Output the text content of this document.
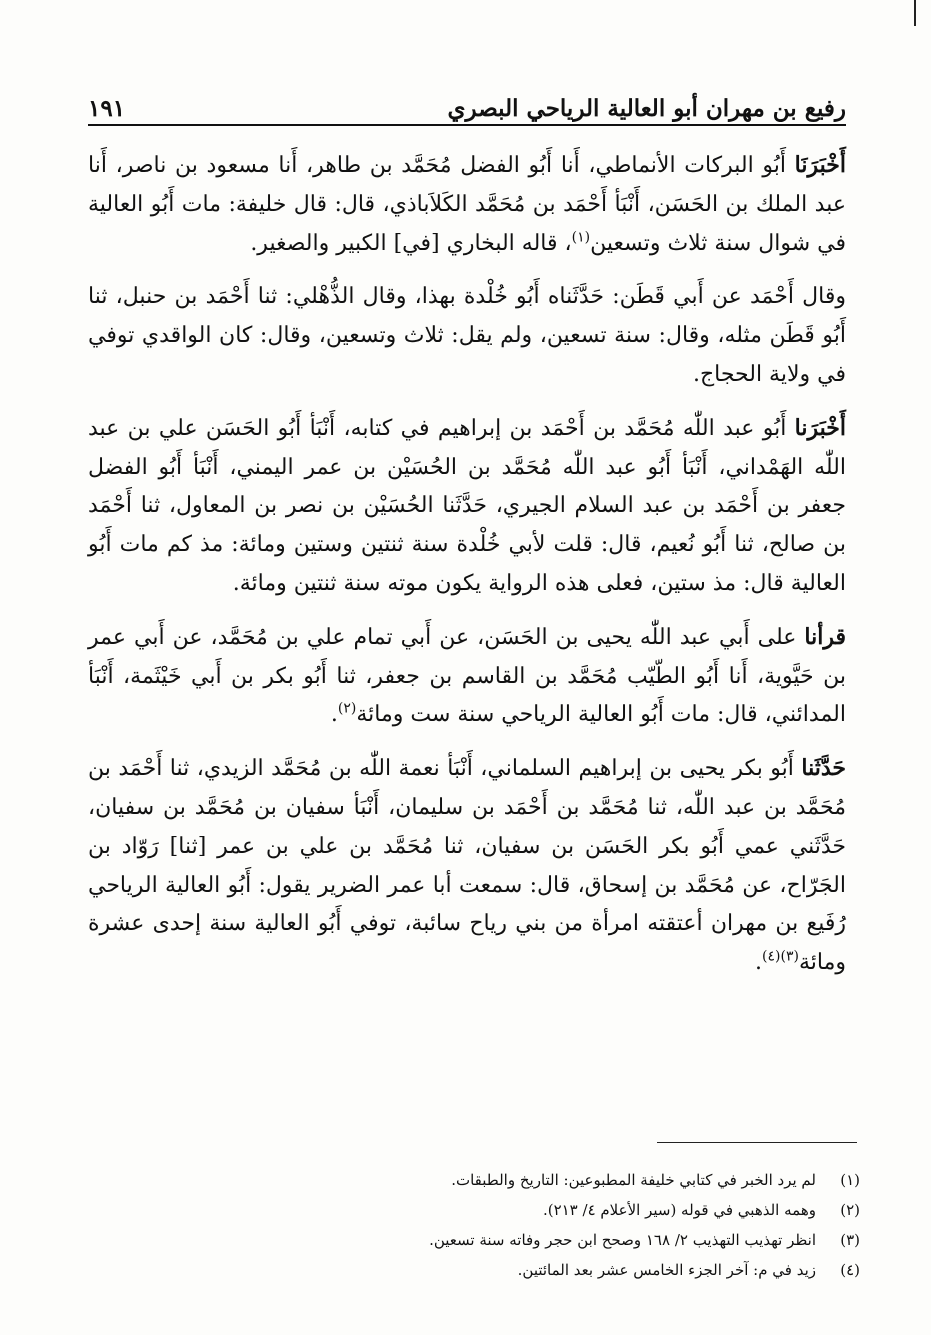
رفيع بن مهران أبو العالية الرياحي البصري
١٩١

أَخْبَرَنَا أَبُو البركات الأنماطي، أَنا أَبُو الفضل مُحَمَّد بن طاهر، أَنا مسعود بن ناصر، أَنا عبد الملك بن الحَسَن، أَنْبَأ أَحْمَد بن مُحَمَّد الكَلاَباذي، قال: قال خليفة: مات أَبُو العالية في شوال سنة ثلاث وتسعين$^{(١)}$، قاله البخاري [في] الكبير والصغير.

وقال أَحْمَد عن أَبي قَطَن: حَدَّثَناه أَبُو خُلْدة بهذا، وقال الذُّهْلي: ثنا أَحْمَد بن حنبل، ثنا أَبُو قَطَن مثله، وقال: سنة تسعين، ولم يقل: ثلاث وتسعين، وقال: كان الواقدي توفي في ولاية الحجاج.

أَخْبَرَنا أَبُو عبد اللّٰه مُحَمَّد بن أَحْمَد بن إبراهيم في كتابه، أَنْبَأ أَبُو الحَسَن علي بن عبد اللّٰه الهَمْداني، أَنْبَأ أَبُو عبد اللّٰه مُحَمَّد بن الحُسَيْن بن عمر اليمني، أَنْبَأ أَبُو الفضل جعفر بن أَحْمَد بن عبد السلام الجيري، حَدَّثَنا الحُسَيْن بن نصر بن المعاول، ثنا أَحْمَد بن صالح، ثنا أَبُو نُعيم، قال: قلت لأبي خُلْدة سنة ثنتين وستين ومائة: مذ كم مات أَبُو العالية قال: مذ ستين، فعلى هذه الرواية يكون موته سنة ثنتين ومائة.

قرأنا على أَبي عبد اللّٰه يحيى بن الحَسَن، عن أَبي تمام علي بن مُحَمَّد، عن أَبي عمر بن حَيَّوية، أَنا أَبُو الطّيّب مُحَمَّد بن القاسم بن جعفر، ثنا أَبُو بكر بن أَبي خَيْثَمة، أَنْبَأ المدائني، قال: مات أَبُو العالية الرياحي سنة ست ومائة$^{(٢)}$.

حَدَّثَنا أَبُو بكر يحيى بن إبراهيم السلماني، أَنْبَأ نعمة اللّٰه بن مُحَمَّد الزيدي، ثنا أَحْمَد بن مُحَمَّد بن عبد اللّٰه، ثنا مُحَمَّد بن أَحْمَد بن سليمان، أَنْبَأ سفيان بن مُحَمَّد بن سفيان، حَدَّثَني عمي أَبُو بكر الحَسَن بن سفيان، ثنا مُحَمَّد بن علي بن عمر [ثنا] رَوّاد بن الجَرّاح، عن مُحَمَّد بن إسحاق، قال: سمعت أبا عمر الضرير يقول: أَبُو العالية الرياحي رُفَيع بن مهران أعتقته امرأة من بني رياح سائبة، توفي أَبُو العالية سنة إحدى عشرة ومائة$^{(٣)(٤)}$.

(١)
لم يرد الخبر في كتابي خليفة المطبوعين: التاريخ والطبقات.
(٢)
وهمه الذهبي في قوله (سير الأعلام ٤/ ٢١٣).
(٣)
انظر تهذيب التهذيب ٢/ ١٦٨ وصحح ابن حجر وفاته سنة تسعين.
(٤)
زيد في م: آخر الجزء الخامس عشر بعد المائتين.
